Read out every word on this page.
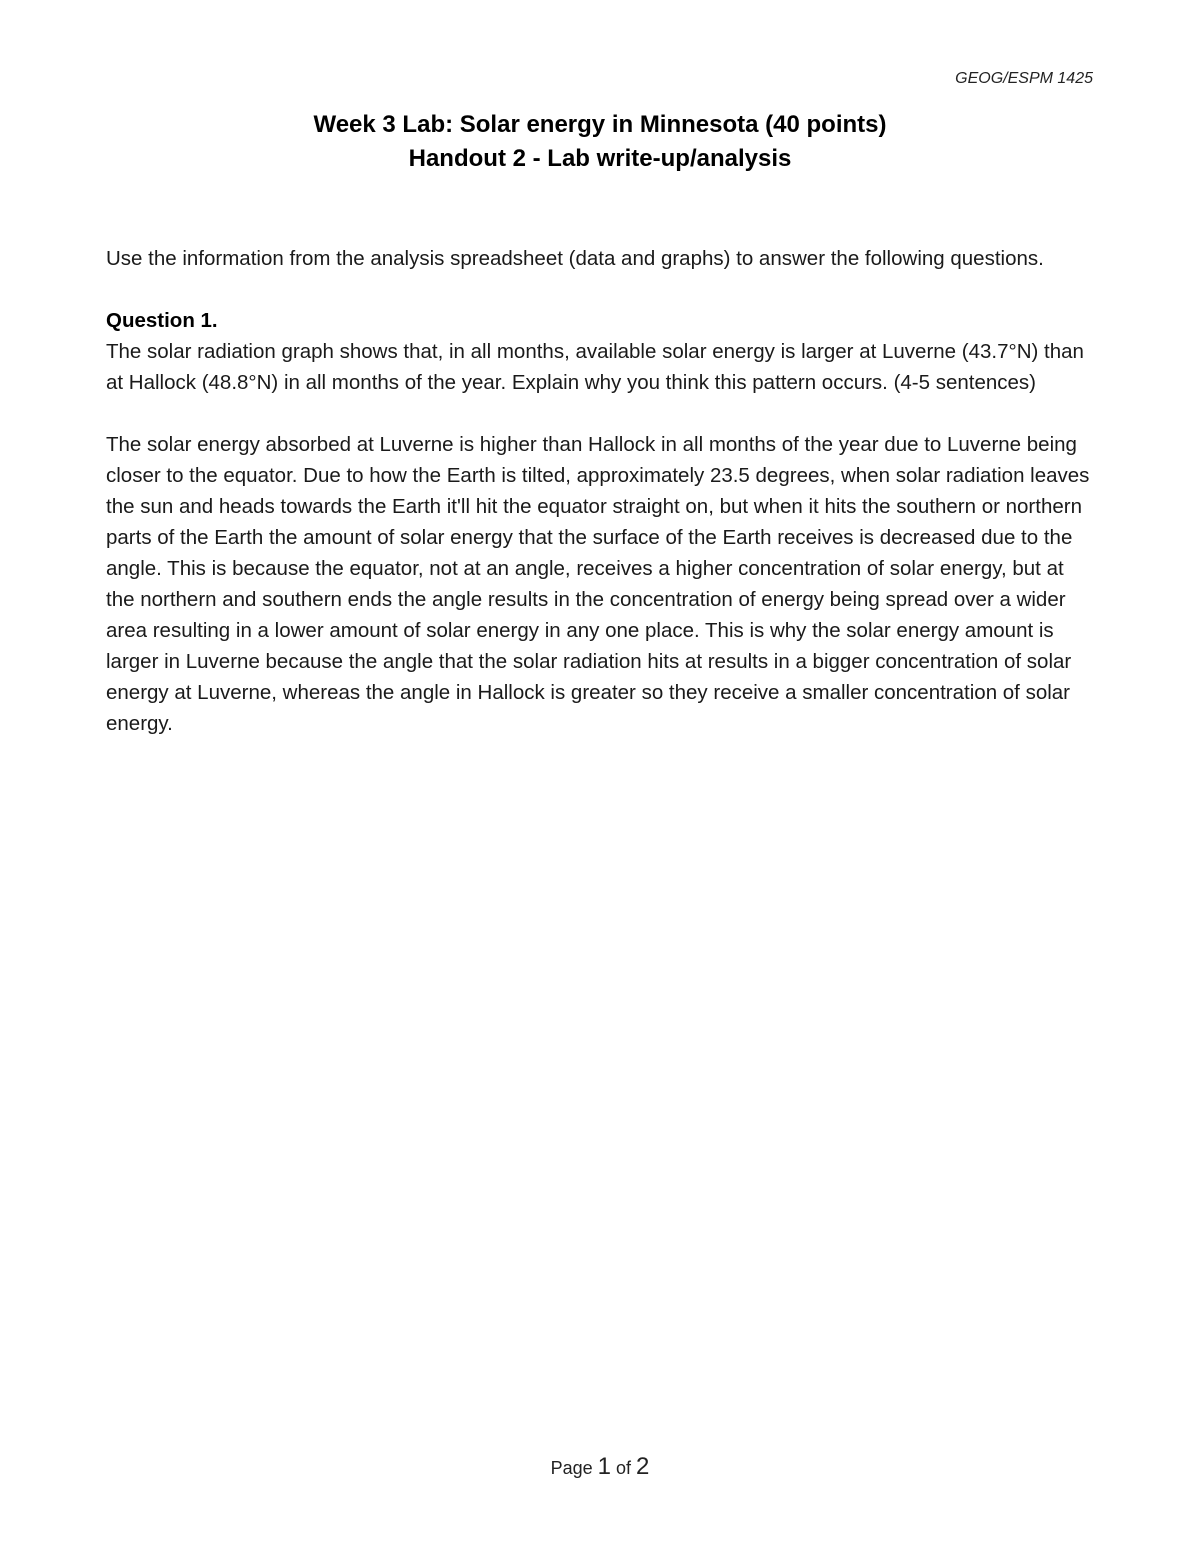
GEOG/ESPM 1425
Week 3 Lab: Solar energy in Minnesota (40 points)
Handout 2 - Lab write-up/analysis

Use the information from the analysis spreadsheet (data and graphs) to answer the following questions.

Question 1.

The solar radiation graph shows that, in all months, available solar energy is larger at Luverne (43.7°N) than at Hallock (48.8°N) in all months of the year. Explain why you think this pattern occurs. (4-5 sentences)

The solar energy absorbed at Luverne is higher than Hallock in all months of the year due to Luverne being closer to the equator. Due to how the Earth is tilted, approximately 23.5 degrees, when solar radiation leaves the sun and heads towards the Earth it'll hit the equator straight on, but when it hits the southern or northern parts of the Earth the amount of solar energy that the surface of the Earth receives is decreased due to the angle. This is because the equator, not at an angle, receives a higher concentration of solar energy, but at the northern and southern ends the angle results in the concentration of energy being spread over a wider area resulting in a lower amount of solar energy in any one place. This is why the solar energy amount is larger in Luverne because the angle that the solar radiation hits at results in a bigger concentration of solar energy at Luverne, whereas the angle in Hallock is greater so they receive a smaller concentration of solar energy.

Page 1 of 2
